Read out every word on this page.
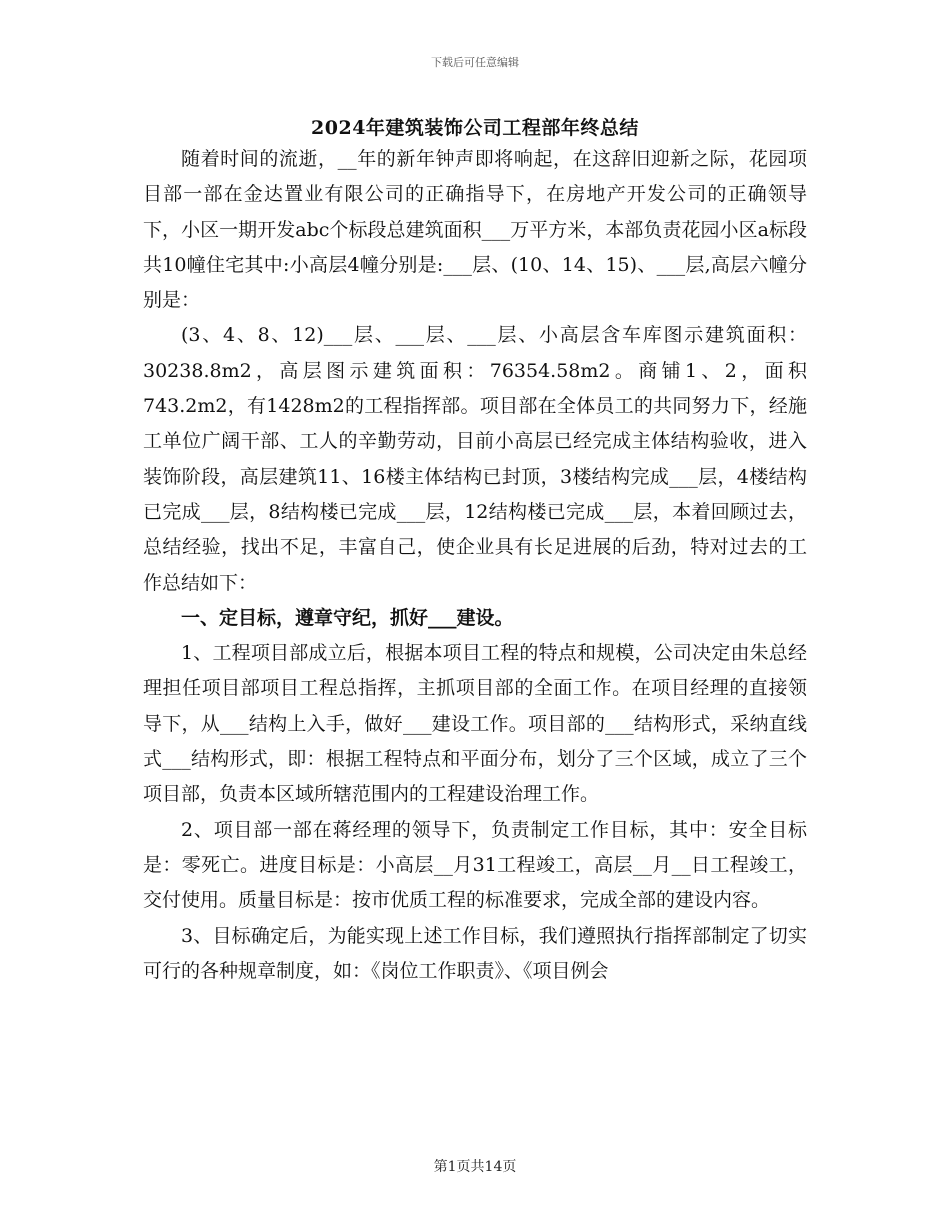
下载后可任意编辑
2024年建筑装饰公司工程部年终总结

随着时间的流逝，__年的新年钟声即将响起，在这辞旧迎新之际，花园项目部一部在金达置业有限公司的正确指导下，在房地产开发公司的正确领导下，小区一期开发abc个标段总建筑面积___万平方米，本部负责花园小区a标段共10幢住宅其中:小高层4幢分别是:___层、(10、14、15)、___层,高层六幢分别是：

(3、4、8、12)___层、___层、___层、小高层含车库图示建筑面积：30238.8m2，高层图示建筑面积：76354.58m2。商铺1、2，面积743.2m2，有1428m2的工程指挥部。项目部在全体员工的共同努力下，经施工单位广阔干部、工人的辛勤劳动，目前小高层已经完成主体结构验收，进入装饰阶段，高层建筑11、16楼主体结构已封顶，3楼结构完成___层，4楼结构已完成___层，8结构楼已完成___层，12结构楼已完成___层，本着回顾过去，总结经验，找出不足，丰富自己，使企业具有长足进展的后劲，特对过去的工作总结如下：

一、定目标，遵章守纪，抓好___建设。

1、工程项目部成立后，根据本项目工程的特点和规模，公司决定由朱总经理担任项目部项目工程总指挥，主抓项目部的全面工作。在项目经理的直接领导下，从___结构上入手，做好___建设工作。项目部的___结构形式，采纳直线式___结构形式，即：根据工程特点和平面分布，划分了三个区域，成立了三个项目部，负责本区域所辖范围内的工程建设治理工作。

2、项目部一部在蒋经理的领导下，负责制定工作目标，其中：安全目标是：零死亡。进度目标是：小高层__月31工程竣工，高层__月__日工程竣工，交付使用。质量目标是：按市优质工程的标准要求，完成全部的建设内容。

3、目标确定后，为能实现上述工作目标，我们遵照执行指挥部制定了切实可行的各种规章制度，如：《岗位工作职责》、《项目例会

第1页共14页
